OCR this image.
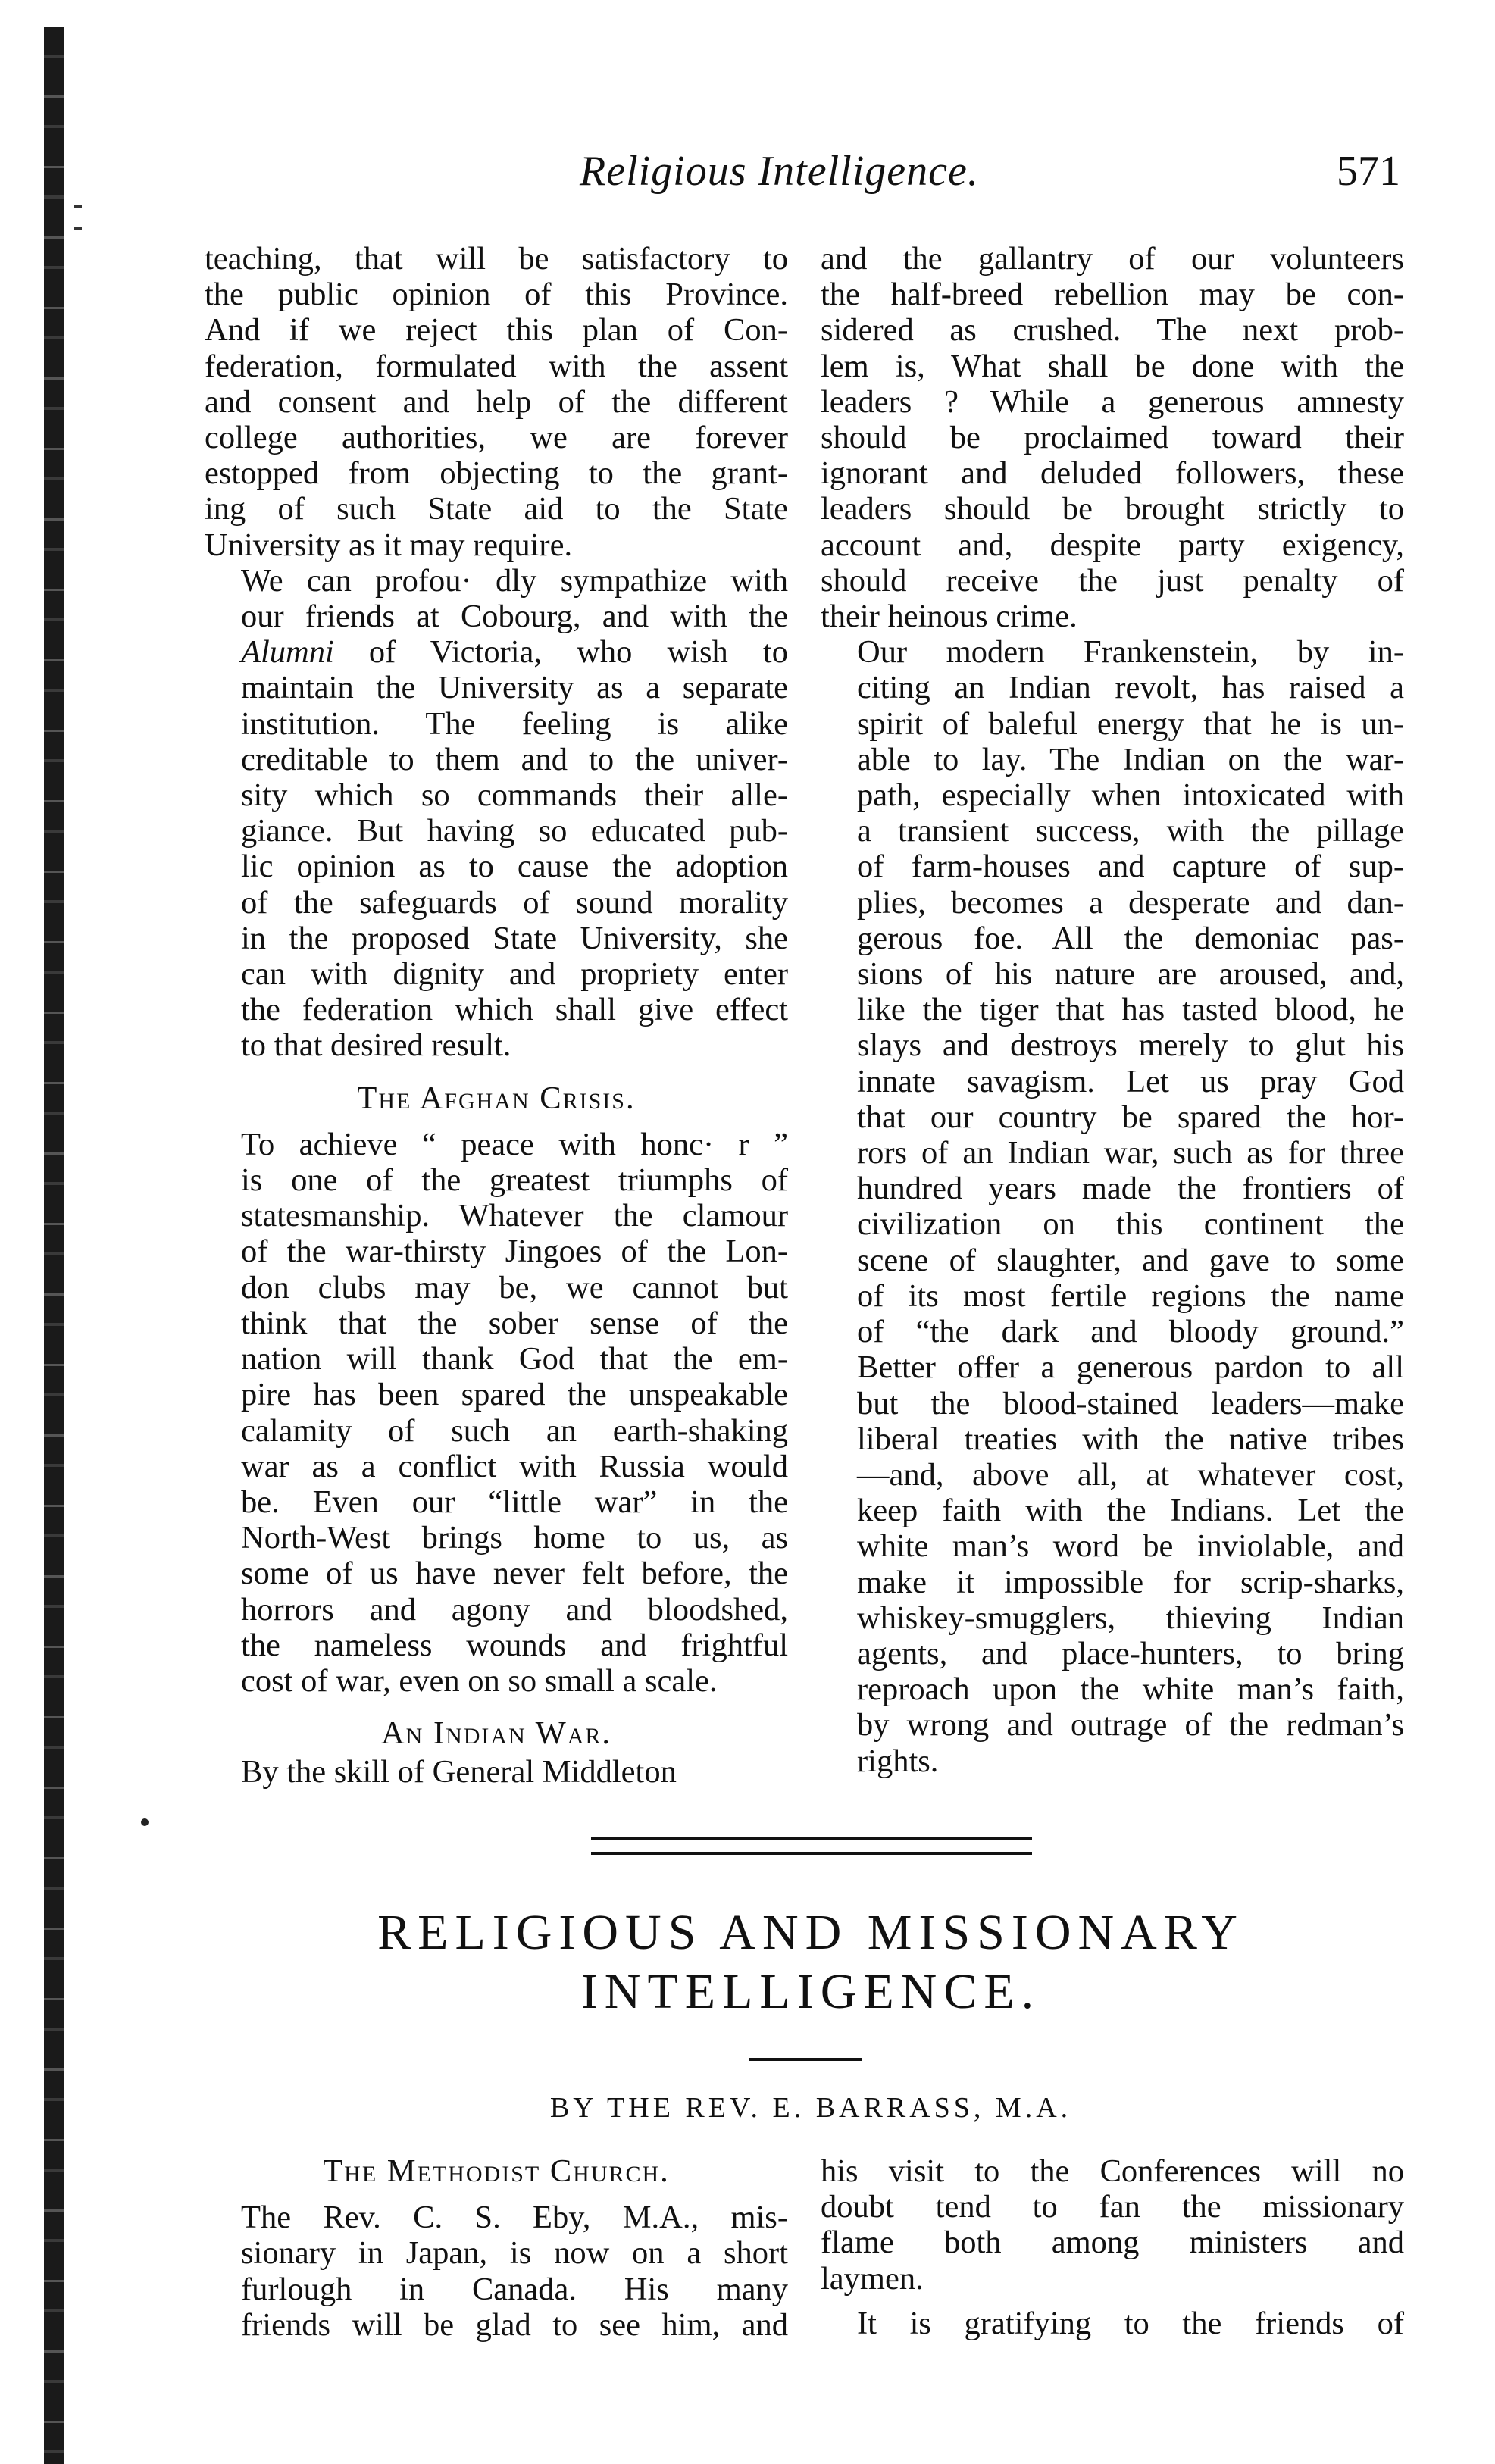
Religious Intelligence.	571

teaching, that will be satisfactory to
the public opinion of this Province.
And if we reject this plan of Con-
federation, formulated with the assent
and consent and help of the different
college authorities, we are forever
estopped from objecting to the grant-
ing of such State aid to the State
University as it may require.

We can profou· dly sympathize with
our friends at Cobourg, and with the
Alumni of Victoria, who wish to
maintain the University as a separate
institution. The feeling is alike
creditable to them and to the univer-
sity which so commands their alle-
giance. But having so educated pub-
lic opinion as to cause the adoption
of the safeguards of sound morality
in the proposed State University, she
can with dignity and propriety enter
the federation which shall give effect
to that desired result.

The Afghan Crisis.

To achieve “ peace with honc· r ”
is one of the greatest triumphs of
statesmanship. Whatever the clamour
of the war-thirsty Jingoes of the Lon-
don clubs may be, we cannot but
think that the sober sense of the
nation will thank God that the em-
pire has been spared the unspeakable
calamity of such an earth-shaking
war as a conflict with Russia would
be. Even our “little war” in the
North-West brings home to us, as
some of us have never felt before, the
horrors and agony and bloodshed,
the nameless wounds and frightful
cost of war, even on so small a scale.

An Indian War.

By the skill of General Middleton

and the gallantry of our volunteers
the half-breed rebellion may be con-
sidered as crushed. The next prob-
lem is, What shall be done with the
leaders ? While a generous amnesty
should be proclaimed toward their
ignorant and deluded followers, these
leaders should be brought strictly to
account and, despite party exigency,
should receive the just penalty of
their heinous crime.

Our modern Frankenstein, by in-
citing an Indian revolt, has raised a
spirit of baleful energy that he is un-
able to lay. The Indian on the war-
path, especially when intoxicated with
a transient success, with the pillage
of farm-houses and capture of sup-
plies, becomes a desperate and dan-
gerous foe. All the demoniac pas-
sions of his nature are aroused, and,
like the tiger that has tasted blood, he
slays and destroys merely to glut his
innate savagism. Let us pray God
that our country be spared the hor-
rors of an Indian war, such as for three
hundred years made the frontiers of
civilization on this continent the
scene of slaughter, and gave to some
of its most fertile regions the name
of “the dark and bloody ground.”
Better offer a generous pardon to all
but the blood-stained leaders—make
liberal treaties with the native tribes
—and, above all, at whatever cost,
keep faith with the Indians. Let the
white man’s word be inviolable, and
make it impossible for scrip-sharks,
whiskey-smugglers, thieving Indian
agents, and place-hunters, to bring
reproach upon the white man’s faith,
by wrong and outrage of the redman’s
rights.

RELIGIOUS AND MISSIONARY
INTELLIGENCE.
BY THE REV. E. BARRASS, M.A.
The Methodist Church.

The Rev. C. S. Eby, M.A., mis-
sionary in Japan, is now on a short
furlough in Canada. His many
friends will be glad to see him, and

his visit to the Conferences will no
doubt tend to fan the missionary
flame both among ministers and
laymen.

It is gratifying to the friends of
